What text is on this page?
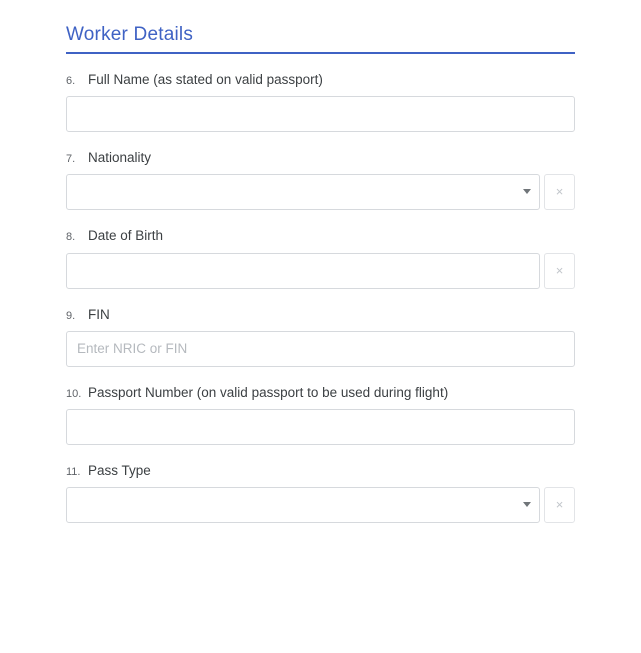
Worker Details
6. Full Name (as stated on valid passport)
7. Nationality
×
8. Date of Birth
×
9. FIN
Enter NRIC or FIN
10. Passport Number (on valid passport to be used during flight)
11. Pass Type
×
